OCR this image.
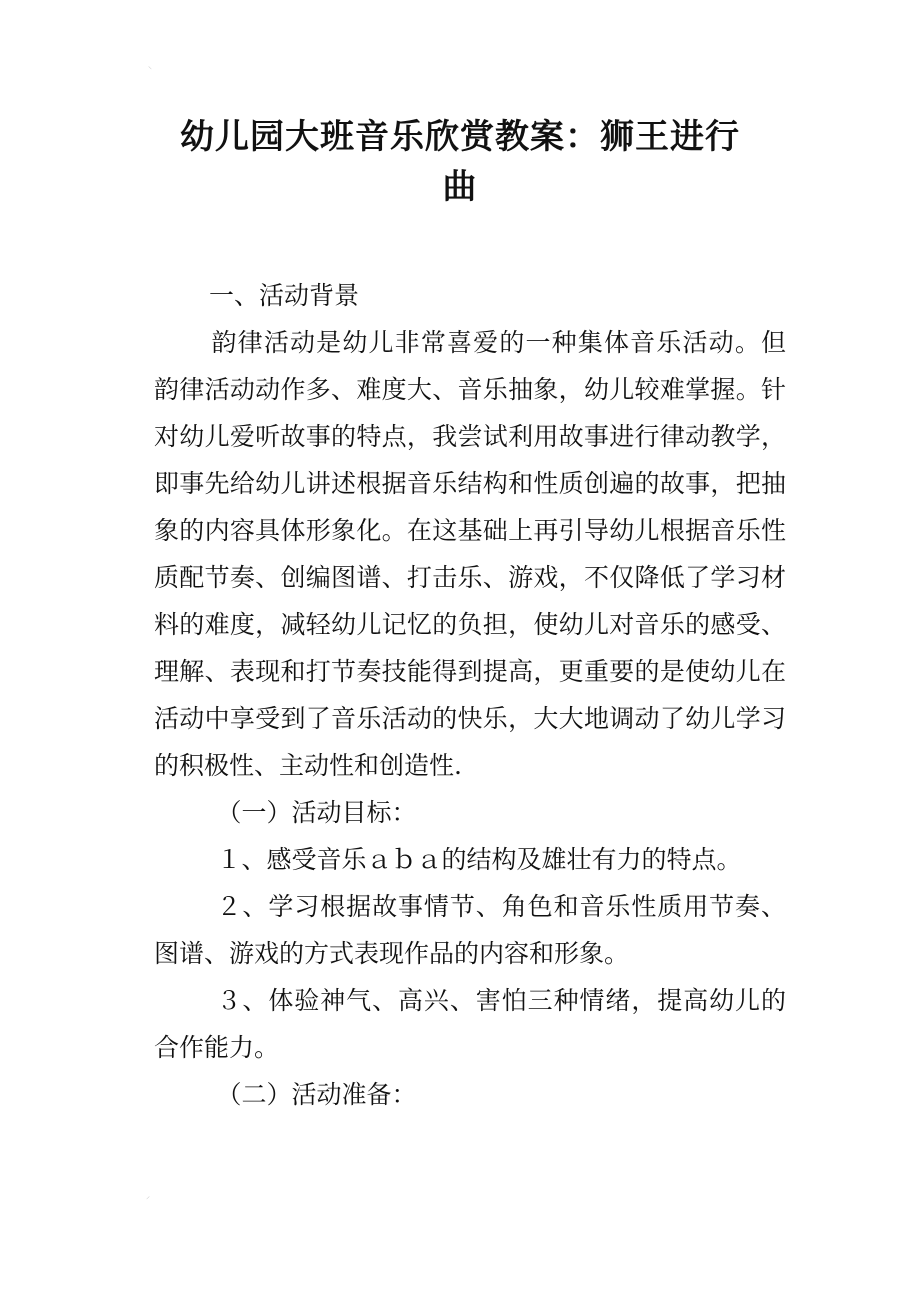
⸌
幼儿园大班音乐欣赏教案：狮王进行
曲

一、活动背景

韵律活动是幼儿非常喜爱的一种集体音乐活动。但韵律活动动作多、难度大、音乐抽象，幼儿较难掌握。针对幼儿爱听故事的特点，我尝试利用故事进行律动教学，即事先给幼儿讲述根据音乐结构和性质创遍的故事，把抽象的内容具体形象化。在这基础上再引导幼儿根据音乐性质配节奏、创编图谱、打击乐、游戏，不仅降低了学习材料的难度，减轻幼儿记忆的负担，使幼儿对音乐的感受、理解、表现和打节奏技能得到提高，更重要的是使幼儿在活动中享受到了音乐活动的快乐，大大地调动了幼儿学习的积极性、主动性和创造性.

（一）活动目标：

１、感受音乐ａｂａ的结构及雄壮有力的特点。

２、学习根据故事情节、角色和音乐性质用节奏、图谱、游戏的方式表现作品的内容和形象。

３、体验神气、高兴、害怕三种情绪，提高幼儿的合作能力。

（二）活动准备：

⸍
